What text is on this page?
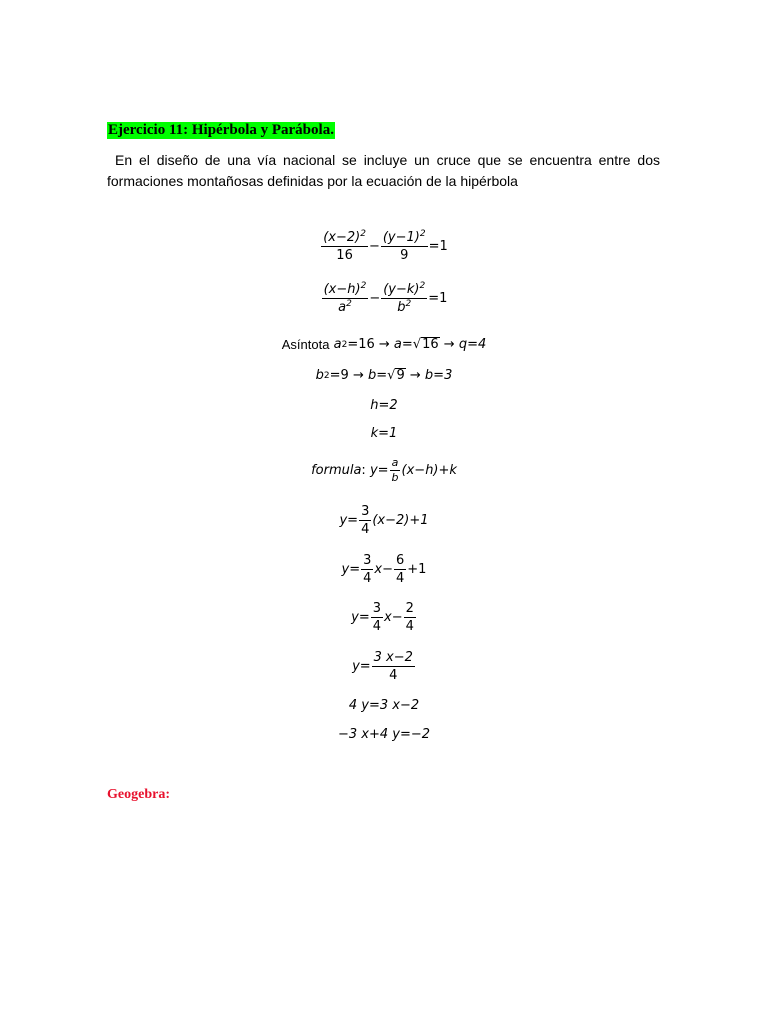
Ejercicio 11: Hipérbola y Parábola.
En el diseño de una vía nacional se incluye un cruce que se encuentra entre dos
formaciones montañosas definidas por la ecuación de la hipérbola
$\frac{(x-2)^2}{16} - \frac{(y-1)^2}{9} =1$
$\frac{(x-h)^2}{a^2} - \frac{(y-k)^2}{b^2} =1$
Asíntota
a 2 =16 →
a= √ 16
→
q=4
b 2 =9 →
b= √ 9
→
b=3
h=2
k=1
formula :
$y= \frac{a}{b} (x-h)+k$
$y= \frac{3}{4} (x-2)+1$
$y= \frac{3}{4} x- \frac{6}{4} +1$
$y= \frac{3}{4} x- \frac{2}{4}$
$y= \frac{3 x-2}{4}$
4 y=3 x−2
−3 x+4 y=−2
Geogebra:
